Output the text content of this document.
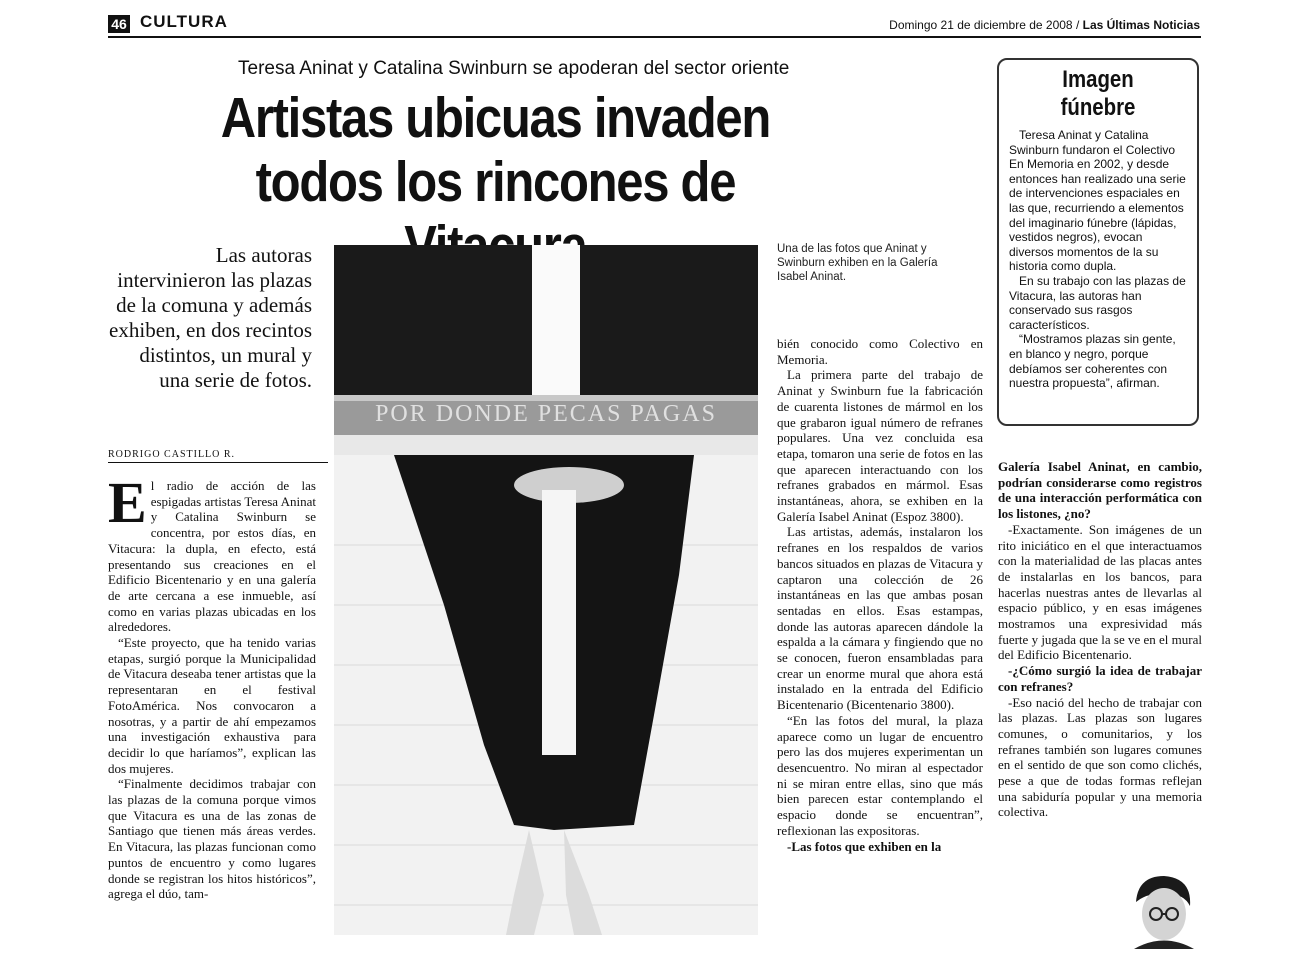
46 CULTURA	Domingo 21 de diciembre de 2008 / Las Últimas Noticias
Teresa Aninat y Catalina Swinburn se apoderan del sector oriente
Artistas ubicuas invaden
todos los rincones de
Las autoras intervinieron las plazas de la comuna y además exhiben, en dos recintos distintos, un mural y una serie de fotos.
RODRIGO CASTILLO R.

El radio de acción de las espigadas artistas Teresa Aninat y Catalina Swinburn se concentra, por estos días, en Vitacura: la dupla, en efecto, está presentando sus creaciones en el Edificio Bicentenario y en una galería de arte cercana a ese inmueble, así como en varias plazas ubicadas en los alrededores.

“Este proyecto, que ha tenido varias etapas, surgió porque la Municipalidad de Vitacura deseaba tener artistas que la representaran en el festival FotoAmérica. Nos convocaron a nosotras, y a partir de ahí empezamos una investigación exhaustiva para decidir lo que haríamos”, explican las dos mujeres.

“Finalmente decidimos trabajar con las plazas de la comuna porque vimos que Vitacura es una de las zonas de Santiago que tienen más áreas verdes. En Vitacura, las plazas funcionan como puntos de encuentro y como lugares donde se registran los hitos históricos”, agrega el dúo, tam-

POR DONDE PECAS PAGAS
Una de las fotos que Aninat y Swinburn exhiben en la Galería Isabel Aninat.

bién conocido como Colectivo en Memoria.

La primera parte del trabajo de Aninat y Swinburn fue la fabricación de cuarenta listones de mármol en los que grabaron igual número de refranes populares. Una vez concluida esa etapa, tomaron una serie de fotos en las que aparecen interactuando con los refranes grabados en mármol. Esas instantáneas, ahora, se exhiben en la Galería Isabel Aninat (Espoz 3800).

Las artistas, además, instalaron los refranes en los respaldos de varios bancos situados en plazas de Vitacura y captaron una colección de 26 instantáneas en las que ambas posan sentadas en ellos. Esas estampas, donde las autoras aparecen dándole la espalda a la cámara y fingiendo que no se conocen, fueron ensambladas para crear un enorme mural que ahora está instalado en la entrada del Edificio Bicentenario (Bicentenario 3800).

“En las fotos del mural, la plaza aparece como un lugar de encuentro pero las dos mujeres experimentan un desencuentro. No miran al espectador ni se miran entre ellas, sino que más bien parecen estar contemplando el espacio donde se encuentran”, reflexionan las expositoras.

-Las fotos que exhiben en la

Imagen fúnebre

Teresa Aninat y Catalina Swinburn fundaron el Colectivo En Memoria en 2002, y desde entonces han realizado una serie de intervenciones espaciales en las que, recurriendo a elementos del imaginario fúnebre (lápidas, vestidos negros), evocan diversos momentos de la su historia como dupla.

En su trabajo con las plazas de Vitacura, las autoras han conservado sus rasgos característicos.

“Mostramos plazas sin gente, en blanco y negro, porque debíamos ser coherentes con nuestra propuesta”, afirman.

Galería Isabel Aninat, en cambio, podrían considerarse como registros de una interacción performática con los listones, ¿no?

-Exactamente. Son imágenes de un rito iniciático en el que interactuamos con la materialidad de las placas antes de instalarlas en los bancos, para hacerlas nuestras antes de llevarlas al espacio público, y en esas imágenes mostramos una expresividad más fuerte y jugada que la se ve en el mural del Edificio Bicentenario.

-¿Cómo surgió la idea de trabajar con refranes?

-Eso nació del hecho de trabajar con las plazas. Las plazas son lugares comunes, o comunitarios, y los refranes también son lugares comunes en el sentido de que son como clichés, pese a que de todas formas reflejan una sabiduría popular y una memoria colectiva.
